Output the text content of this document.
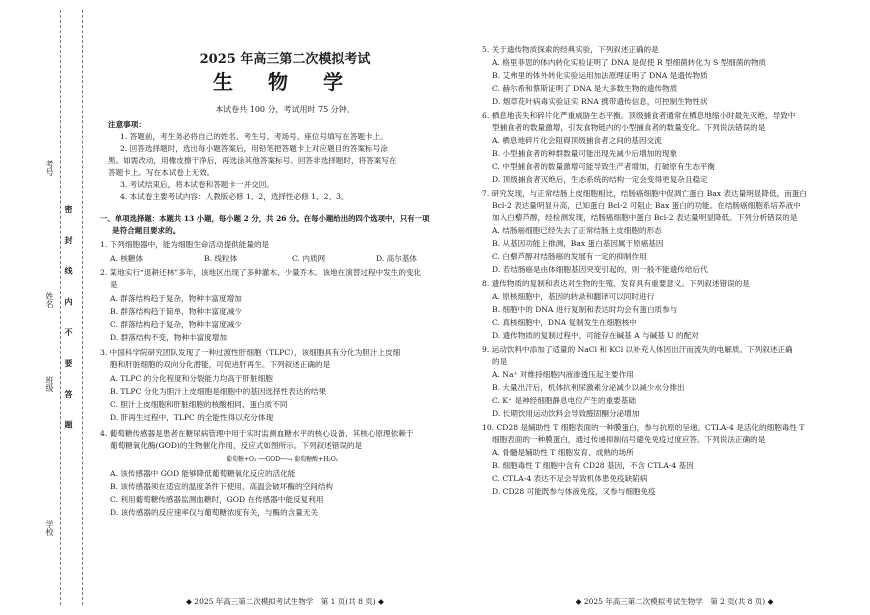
考号
姓名
班级
学校
密 封 线 内 不 要 答 题
2025 年高三第二次模拟考试
生 物 学
本试卷共 100 分，考试用时 75 分钟。
注意事项：
1. 答题前，考生务必将自己的姓名、考生号、考场号、座位号填写在答题卡上。
2. 回答选择题时，选出每小题答案后，用铅笔把答题卡上对应题目的答案标号涂
黑。如需改动，用橡皮擦干净后，再选涂其他答案标号。回答非选择题时，将答案写在
答题卡上。写在本试卷上无效。
3. 考试结束后，将本试卷和答题卡一并交回。
4. 本试卷主要考试内容：人教版必修 1、2，选择性必修 1、2、3。
一、单项选择题：本题共 13 小题，每小题 2 分，共 26 分。在每小题给出的四个选项中，只有一项
是符合题目要求的。
1. 下列细胞器中，能为细胞生命活动提供能量的是
A. 核糖体	B. 线粒体	C. 内质网	D. 高尔基体
2. 某地实行“退耕还林”多年，该地区出现了多种灌木、少量乔木。该地在演替过程中发生的变化
是
A. 群落结构趋于复杂，物种丰富度增加
B. 群落结构趋于简单，物种丰富度减少
C. 群落结构趋于复杂，物种丰富度减少
D. 群落结构不变，物种丰富度增加
3. 中国科学院研究团队发现了一种过渡性肝细胞（TLPC），该细胞具有分化为胆汁上皮细
胞和肝脏细胞的双向分化潜能，可促进肝再生。下列叙述正确的是
A. TLPC 的分化程度和分裂能力均高于肝脏细胞
B. TLPC 分化为胆汁上皮细胞是细胞中的基因选择性表达的结果
C. 胆汁上皮细胞和肝脏细胞的核酸相同、蛋白质不同
D. 肝再生过程中，TLPC 的全能性得以充分体现
4. 葡萄糖传感器是患者在糖尿病管理中用于实时监测血糖水平的核心设备，其核心原理依赖于
葡萄糖氧化酶(GOD)的生物催化作用，反应式如图所示。下列叙述错误的是
葡萄糖+O₂ ──GOD──→ 葡萄糖酸+H₂O₂
A. 该传感器中 GOD 能够降低葡萄糖氧化反应的活化能
B. 该传感器须在适宜的温度条件下使用，高温会破坏酶的空间结构
C. 利用葡萄糖传感器监测血糖时，GOD 在传感器中能反复利用
D. 该传感器的反应速率仅与葡萄糖浓度有关，与酶的含量无关
◆ 2025 年高三第二次模拟考试生物学　第 1 页(共 8 页) ◆
5. 关于遗传物质探索的经典实验，下列叙述正确的是
A. 格里菲思的体内转化实验证明了 DNA 是促使 R 型细菌转化为 S 型细菌的物质
B. 艾弗里的体外转化实验运用加法原理证明了 DNA 是遗传物质
C. 赫尔希和蔡斯证明了 DNA 是大多数生物的遗传物质
D. 烟草花叶病毒实验证实 RNA 携带遗传信息，可控制生物性状
6. 栖息地丧失和碎片化严重威胁生态平衡。顶级捕食者通常在栖息地缩小时最先灭绝，导致中
型捕食者的数量激增，引发食物链内的小型捕食者的数量变化。下列说法错误的是
A. 栖息地碎片化会阻碍顶级捕食者之间的基因交流
B. 小型捕食者的种群数量可能出现先减少后增加的现象
C. 中型捕食者的数量激增可能导致生产者增加，打破原有生态平衡
D. 顶级捕食者灭绝后，生态系统的结构一定会变得更复杂且稳定
7. 研究发现，与正常结肠上皮细胞相比，结肠癌细胞中促凋亡蛋白 Bax 表达量明显降低，而蛋白
Bcl-2 表达量明显升高，已知蛋白 Bcl-2 可阻止 Bax 蛋白的功能。在结肠癌细胞系培养液中
加入白藜芦醇，经检测发现，结肠癌细胞中蛋白 Bcl-2 表达量明显降低。下列分析错误的是
A. 结肠癌细胞已经失去了正常结肠上皮细胞的形态
B. 从基因功能上推测，Bax 蛋白基因属于原癌基因
C. 白藜芦醇对结肠癌的发展有一定的抑制作用
D. 若结肠癌是由体细胞基因突变引起的，则一般不能遗传给后代
8. 遗传物质的复制和表达对生物的生殖、发育具有重要意义。下列叙述错误的是
A. 原核细胞中，基因的转录和翻译可以同时进行
B. 细胞中的 DNA 进行复制和表达时均会有蛋白质参与
C. 真核细胞中，DNA 复制发生在细胞核中
D. 遗传物质的复制过程中，可能存在碱基 A 与碱基 U 的配对
9. 运动饮料中添加了适量的 NaCl 和 KCl 以补充人体因出汗而流失的电解质。下列叙述正确
的是
A. Na⁺ 对维持细胞内液渗透压起主要作用
B. 大量出汗后，机体抗利尿激素分泌减少以减少水分排出
C. K⁺ 是神经细胞静息电位产生的重要基础
D. 长期饮用运动饮料会导致醛固酮分泌增加
10. CD28 是辅助性 T 细胞表面的一种膜蛋白，参与抗原的呈递。CTLA-4 是活化的细胞毒性 T
细胞表面的一种膜蛋白，通过传递抑制信号避免免疫过度应答。下列说法正确的是
A. 骨髓是辅助性 T 细胞发育、成熟的场所
B. 细胞毒性 T 细胞中含有 CD28 基因，不含 CTLA-4 基因
C. CTLA-4 表达不足会导致机体患免疫缺陷病
D. CD28 可能既参与体液免疫，又参与细胞免疫
◆ 2025 年高三第二次模拟考试生物学　第 2 页(共 8 页) ◆
